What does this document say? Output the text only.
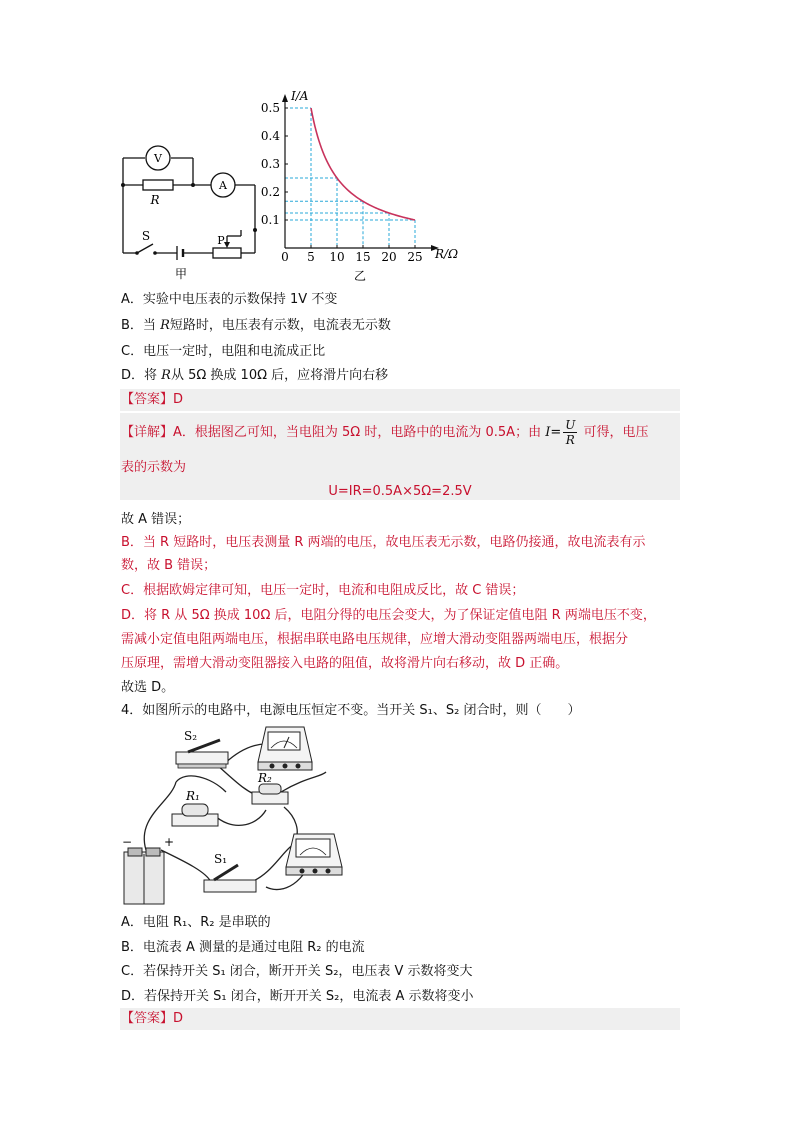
V
A
R
S	P
甲
0 5 10 15 20 25
0.1
0.2
0.3
0.4
0.5
I/A
R/Ω
乙
A．实验中电压表的示数保持 1V 不变
B．当 R短路时，电压表有示数，电流表无示数
C．电压一定时，电阻和电流成正比
D．将 R从 5Ω 换成 10Ω 后，应将滑片向右移
【答案】D
【详解】A．根据图乙可知，当电阻为 5Ω 时，电路中的电流为 0.5A；由 $I= \frac{U}{R}$ 可得，电压
表的示数为
U=IR=0.5A×5Ω=2.5V
故 A 错误；
B．当 R 短路时，电压表测量 R 两端的电压，故电压表无示数，电路仍接通，故电流表有示
数，故 B 错误；
C．根据欧姆定律可知，电压一定时，电流和电阻成反比，故 C 错误；
D．将 R 从 5Ω 换成 10Ω 后，电阻分得的电压会变大，为了保证定值电阻 R 两端电压不变，
需减小定值电阻两端电压，根据串联电路电压规律，应增大滑动变阻器两端电压，根据分
压原理，需增大滑动变阻器接入电路的阻值，故将滑片向右移动，故 D 正确。
故选 D。
4．如图所示的电路中，电源电压恒定不变。当开关 S₁、S₂ 闭合时，则（　　）
S₂
R₂
R₁
S₁
−	+
A．电阻 R₁、R₂ 是串联的
B．电流表 A 测量的是通过电阻 R₂ 的电流
C．若保持开关 S₁ 闭合，断开开关 S₂，电压表 V 示数将变大
D．若保持开关 S₁ 闭合，断开开关 S₂，电流表 A 示数将变小
【答案】D
